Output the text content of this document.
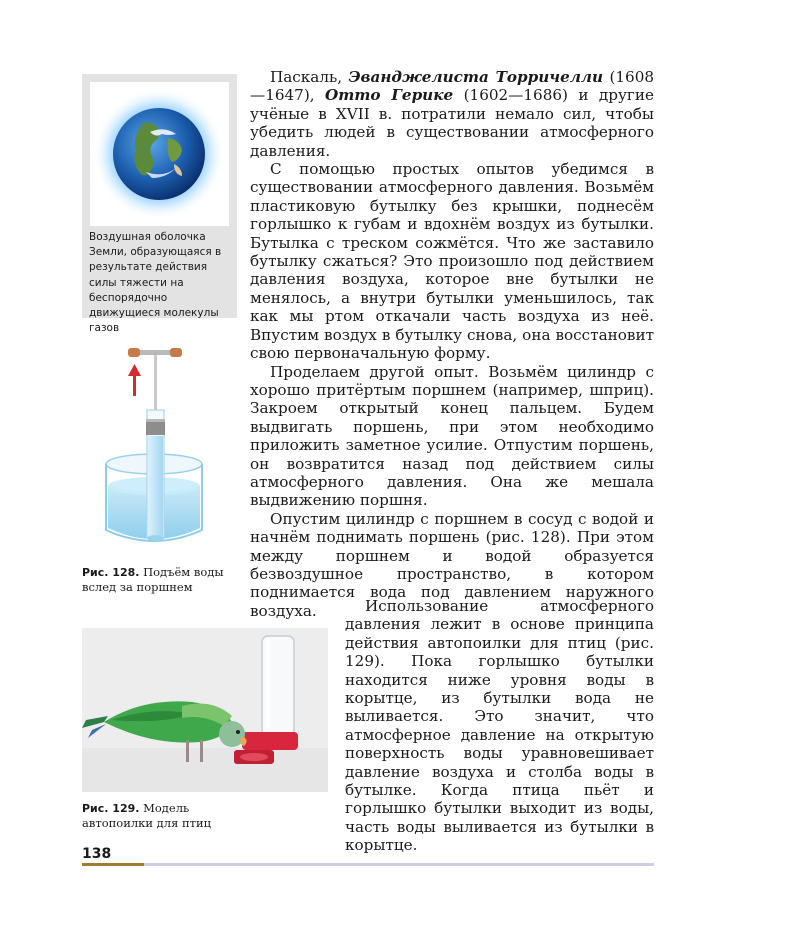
Воздушная оболочка Земли, образующаяся в результате действия силы тяжести на беспорядочно движущиеся молекулы газов
Рис. 128. Подъём воды вслед за поршнем
Рис. 129. Модель автопоилки для птиц

Паскаль, Эванджелиста Торричелли (1608—1647), Отто Герике (1602—1686) и другие учёные в XVII в. потратили немало сил, чтобы убедить людей в существовании атмосферного давления.

С помощью простых опытов убедимся в существовании атмосферного давления. Возьмём пластиковую бутылку без крышки, поднесём горлышко к губам и вдохнём воздух из бутылки. Бутылка с треском сожмётся. Что же заставило бутылку сжаться? Это произошло под действием давления воздуха, которое вне бутылки не менялось, а внутри бутылки уменьшилось, так как мы ртом откачали часть воздуха из неё. Впустим воздух в бутылку снова, она восстановит свою первоначальную форму.

Проделаем другой опыт. Возьмём цилиндр с хорошо притёртым поршнем (например, шприц). Закроем открытый конец пальцем. Будем выдвигать поршень, при этом необходимо приложить заметное усилие. Отпустим поршень, он возвратится назад под действием силы атмосферного давления. Она же мешала выдвижению поршня.

Опустим цилиндр с поршнем в сосуд с водой и начнём поднимать поршень (рис. 128). При этом между поршнем и водой образуется безвоздушное пространство, в котором поднимается вода под давлением наружного воздуха.	Использование атмосферного давления лежит в основе принципа действия автопоилки для птиц (рис. 129). Пока горлышко бутылки находится ниже уровня воды в корытце, из бутылки вода не выливается. Это значит, что атмосферное давление на открытую поверхность воды уравновешивает давление воздуха и столба воды в бутылке. Когда птица пьёт и горлышко бутылки выходит из воды, часть воды выливается из бутылки в корытце.

138
